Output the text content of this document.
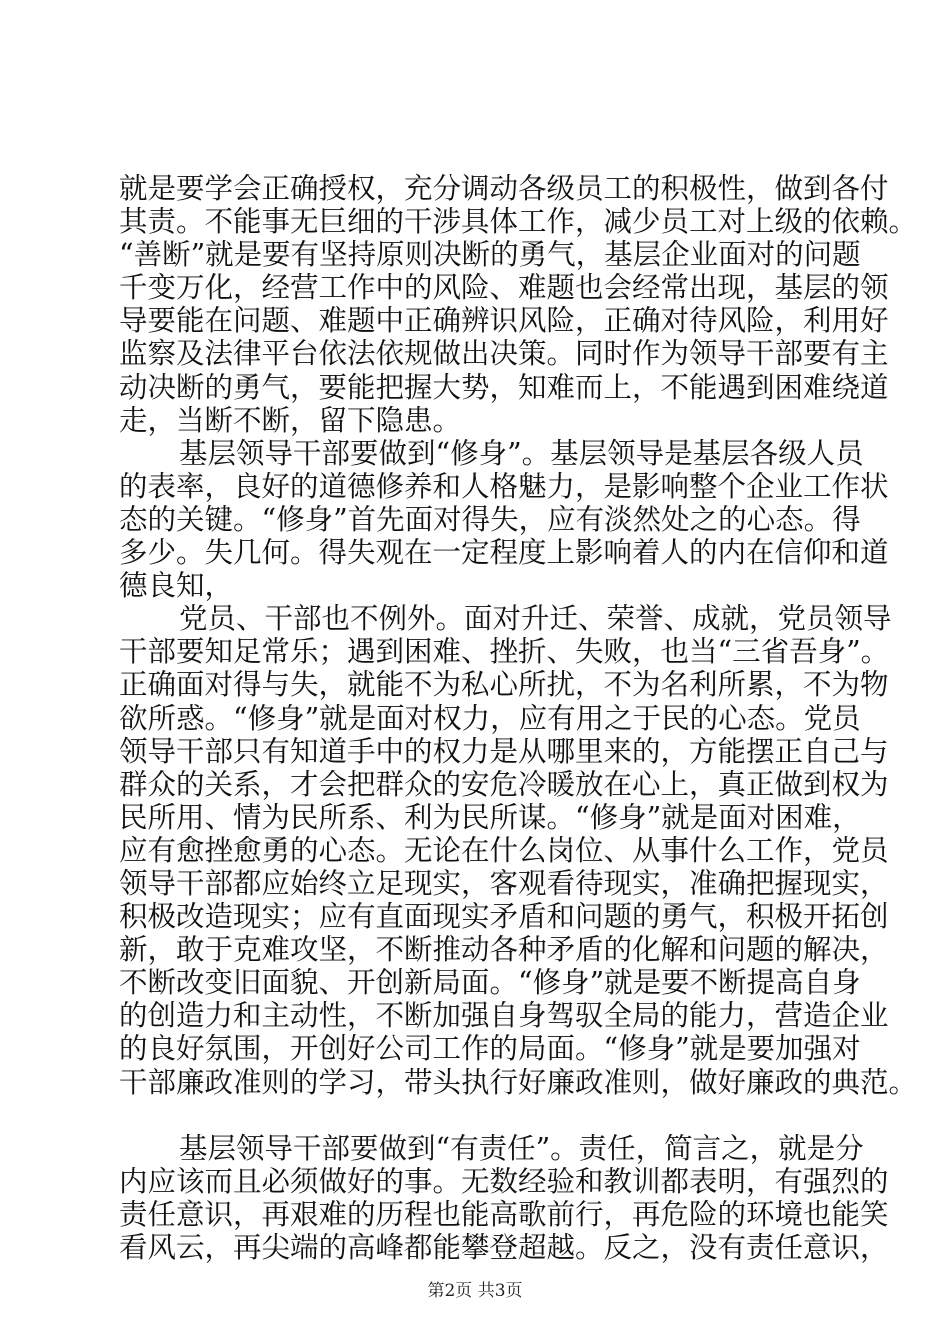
就是要学会正确授权，充分调动各级员工的积极性，做到各付
其责。不能事无巨细的干涉具体工作，减少员工对上级的依赖。
“善断”就是要有坚持原则决断的勇气，基层企业面对的问题
千变万化，经营工作中的风险、难题也会经常出现，基层的领
导要能在问题、难题中正确辨识风险，正确对待风险，利用好
监察及法律平台依法依规做出决策。同时作为领导干部要有主
动决断的勇气，要能把握大势，知难而上，不能遇到困难绕道
走，当断不断，留下隐患。
基层领导干部要做到“修身”。基层领导是基层各级人员
的表率，良好的道德修养和人格魅力，是影响整个企业工作状
态的关键。“修身”首先面对得失，应有淡然处之的心态。得
多少。失几何。得失观在一定程度上影响着人的内在信仰和道
德良知，
党员、干部也不例外。面对升迁、荣誉、成就，党员领导
干部要知足常乐；遇到困难、挫折、失败，也当“三省吾身”。
正确面对得与失，就能不为私心所扰，不为名利所累，不为物
欲所惑。“修身”就是面对权力，应有用之于民的心态。党员
领导干部只有知道手中的权力是从哪里来的，方能摆正自己与
群众的关系，才会把群众的安危冷暖放在心上，真正做到权为
民所用、情为民所系、利为民所谋。“修身”就是面对困难，
应有愈挫愈勇的心态。无论在什么岗位、从事什么工作，党员
领导干部都应始终立足现实，客观看待现实，准确把握现实，
积极改造现实；应有直面现实矛盾和问题的勇气，积极开拓创
新，敢于克难攻坚，不断推动各种矛盾的化解和问题的解决，
不断改变旧面貌、开创新局面。“修身”就是要不断提高自身
的创造力和主动性，不断加强自身驾驭全局的能力，营造企业
的良好氛围，开创好公司工作的局面。“修身”就是要加强对
干部廉政准则的学习，带头执行好廉政准则，做好廉政的典范。
基层领导干部要做到“有责任”。责任，简言之，就是分
内应该而且必须做好的事。无数经验和教训都表明，有强烈的
责任意识，再艰难的历程也能高歌前行，再危险的环境也能笑
看风云，再尖端的高峰都能攀登超越。反之，没有责任意识，
第2页 共3页
